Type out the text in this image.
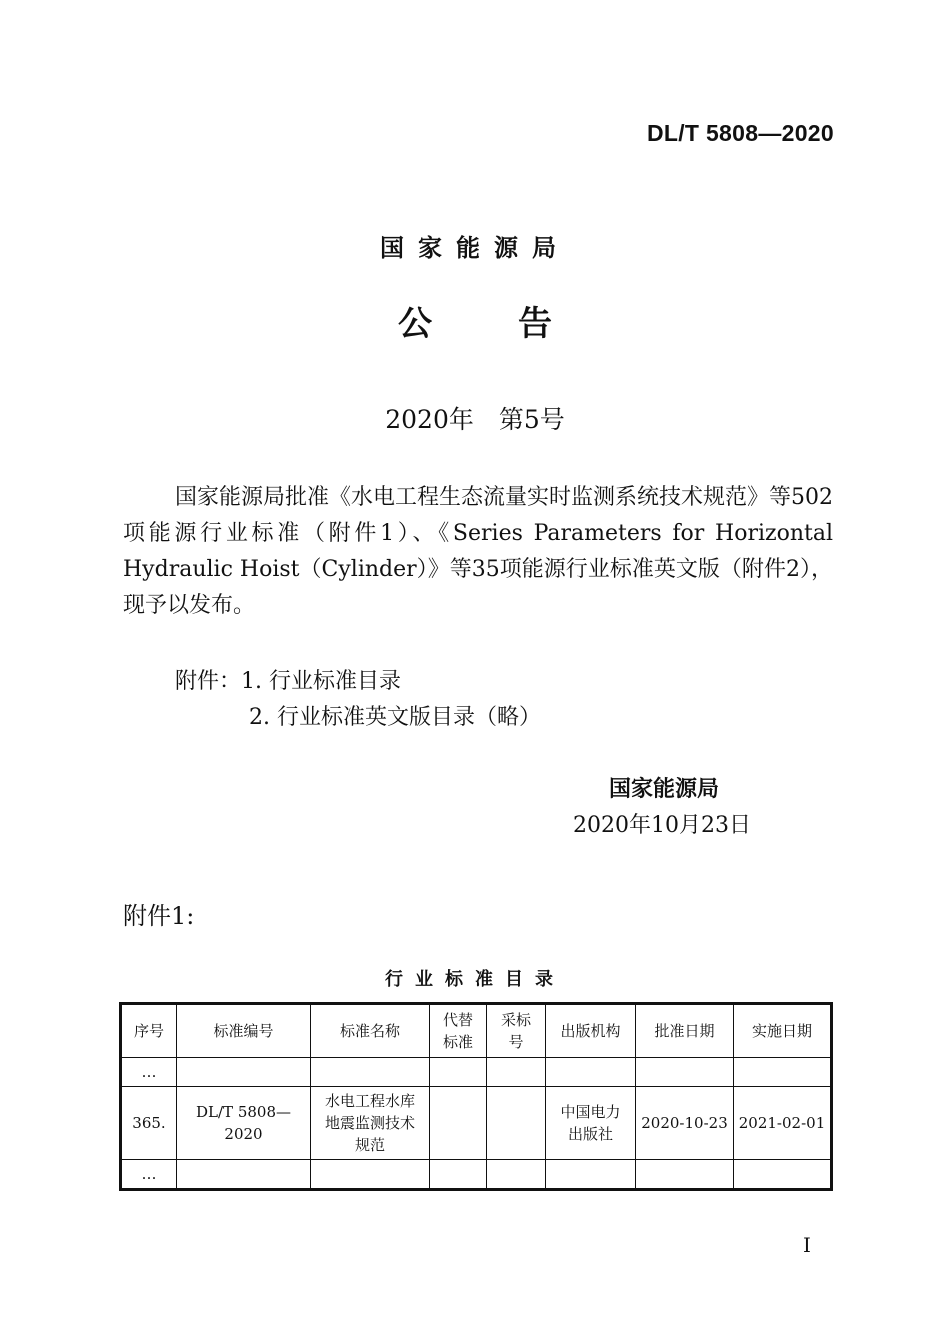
DL/T 5808—2020
国家能源局
公	告
2020年　第5号

国家能源局批准《水电工程生态流量实时监测系统技术规范》等502项能源行业标准（附件1）、《Series Parameters for Horizontal Hydraulic Hoist（Cylinder）》等35项能源行业标准英文版（附件2），现予以发布。

附件：1. 行业标准目录
2. 行业标准英文版目录（略）
国家能源局
2020年10月23日
附件1:
行业标准目录
序号	标准编号	标准名称	代替标准	采标号	出版机构	批准日期	实施日期
…							
365.	DL/T 5808—2020	水电工程水库地震监测技术规范			中国电力出版社	2020-10-23	2021-02-01
…							
I
